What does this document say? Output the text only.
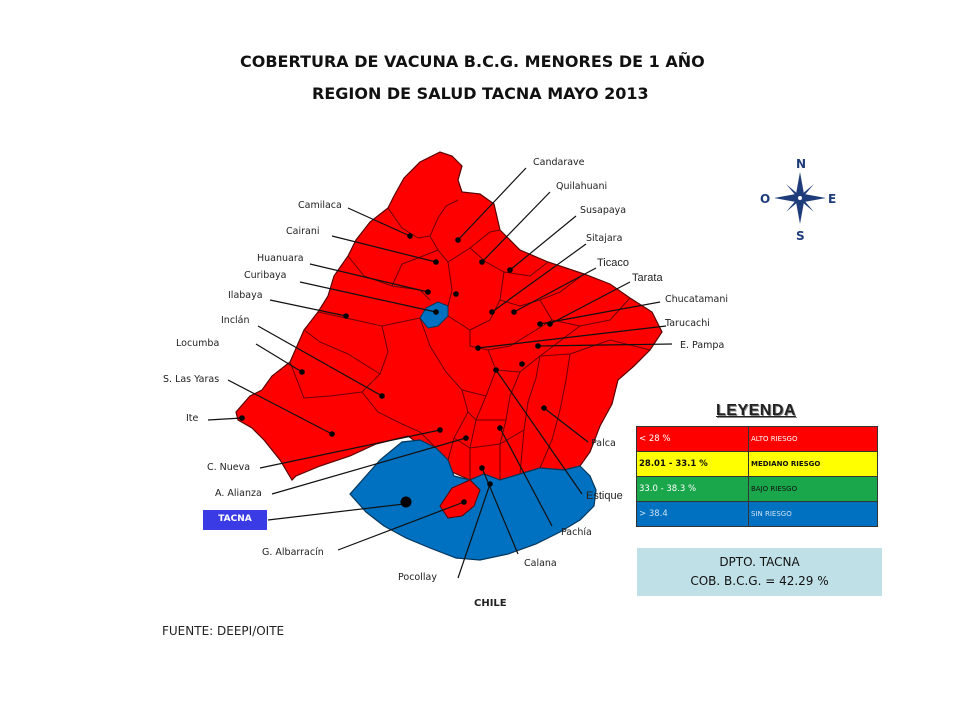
COBERTURA DE VACUNA B.C.G. MENORES DE 1 AÑO
REGION DE SALUD TACNA MAYO 2013
N
S
E
O
Candarave
Quilahuani
Camilaca	Susapaya
Cairani
Sitajara
Huanuara	Ticaco
Curibaya	Tarata
Ilabaya	Chucatamani
Inclán	Tarucachi
Locumba	E. Pampa
S. Las Yaras
Ite
Palca
C. Nueva
Estique
A. Alianza
TACNA
Pachía
G. Albarracín
Calana
Pocollay
CHILE
LEYENDA
< 28 %	ALTO RIESGO
28.01 - 33.1 %	MEDIANO RIESGO
33.0 - 38.3 %	BAJO RIESGO
> 38.4	SIN RIESGO
DPTO. TACNA
COB. B.C.G. = 42.29 %
FUENTE: DEEPI/OITE
